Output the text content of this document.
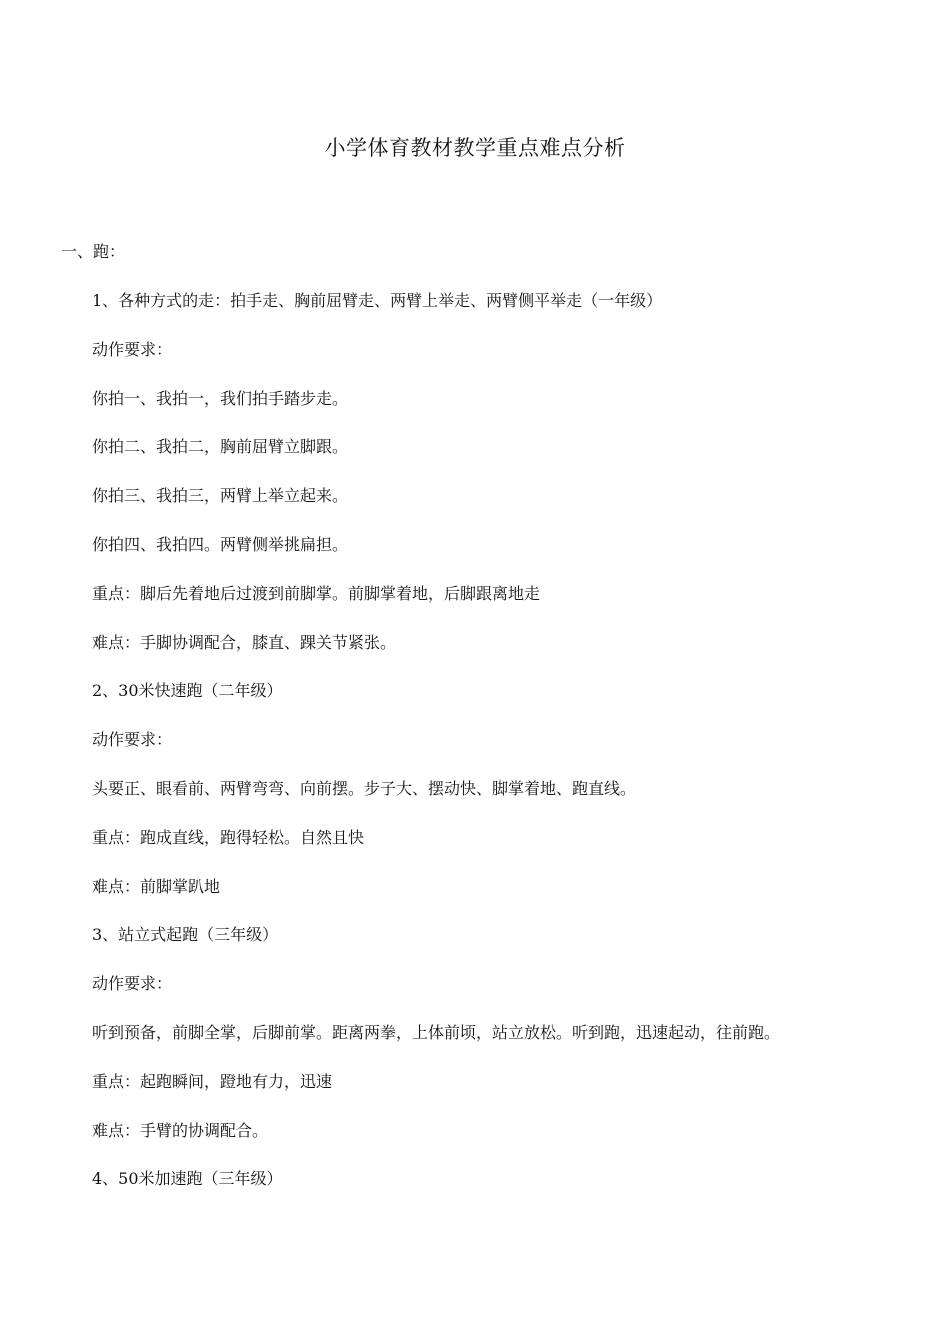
小学体育教材教学重点难点分析
一、跑：
1、各种方式的走：拍手走、胸前屈臂走、两臂上举走、两臂侧平举走（一年级）
动作要求：
你拍一、我拍一，我们拍手踏步走。
你拍二、我拍二，胸前屈臂立脚跟。
你拍三、我拍三，两臂上举立起来。
你拍四、我拍四。两臂侧举挑扁担。
重点：脚后先着地后过渡到前脚掌。前脚掌着地，后脚跟离地走
难点：手脚协调配合，膝直、踝关节紧张。
2、30米快速跑（二年级）
动作要求：
头要正、眼看前、两臂弯弯、向前摆。步子大、摆动快、脚掌着地、跑直线。
重点：跑成直线，跑得轻松。自然且快
难点：前脚掌趴地
3、站立式起跑（三年级）
动作要求：
听到预备，前脚全掌，后脚前掌。距离两拳，上体前顷，站立放松。听到跑，迅速起动，往前跑。
重点：起跑瞬间，蹬地有力，迅速
难点：手臂的协调配合。
4、50米加速跑（三年级）
